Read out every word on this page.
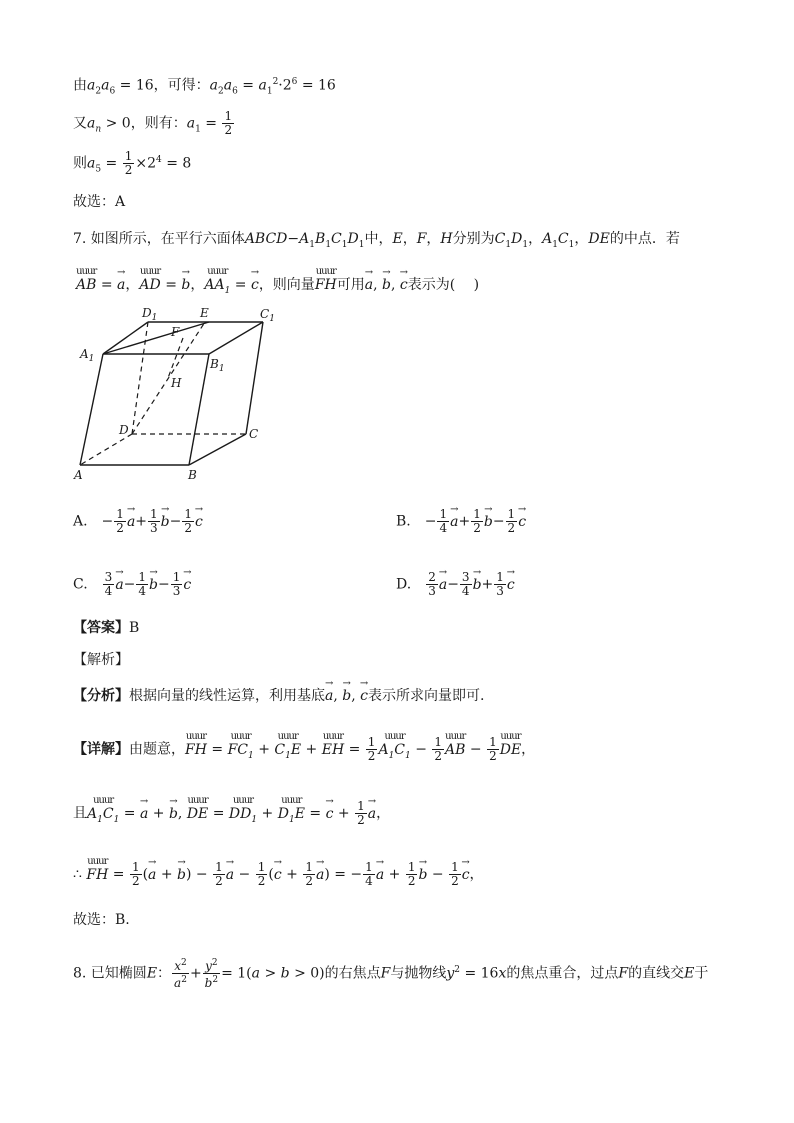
由$a_2a_6 = 16$，可得：$a_2a_6 = a_1^2\cdot 2^6 = 16$
又$a_n > 0$，则有：$a_1 = \frac{1}{2}$
则$a_5 = \frac{1}{2} \times 2^4 = 8$
故选：A
7. 如图所示，在平行六面体$ABCD-A_1B_1C_1D_1$中，E，F，H分别为$C_1D_1$，$A_1C_1$，DE的中点．若
uuur AB = → a，uuur AD = → b，uuur $AA_1$ = → c，则向量uuur FH可用→ a, → b, → c表示为(　 )
$D_1$	E	$C_1$
F
$A_1$	$B_1$
H
D	C
A	B
A.　− $\frac{1}{2}$
→ $a+ \frac{1}{3}$
→ $b- \frac{1}{2}$
→ c	B.　− $\frac{1}{4}$
→ $a+ \frac{1}{2}$
→ $b- \frac{1}{2}$
→ c
C.　 $\frac{3}{4}$
→ $a- \frac{1}{4}$
→ $b- \frac{1}{3}$
→ c	D.　 $\frac{2}{3}$
→ $a- \frac{3}{4}$
→ $b+ \frac{1}{3}$
→ c
【答案】B
【解析】
【分析】根据向量的线性运算，利用基底→ a, → b, → c表示所求向量即可.
【详解】由题意，uuur FH = uuur $FC_1$ + uuur $C_1E$ + uuur EH = $\frac{1}{2}$
uuur $A_1C_1 - \frac{1}{2}$
uuur AB − $\frac{1}{2}$
uuur DE，
且uuur $A_1C_1$ = → a + → b, uuur DE = uuur $DD_1$ + uuur $D_1E$ = → $c + \frac{1}{2}$
→ a，
∴ uuur FH = $\frac{1}{2}$ (→ a + → $b) - \frac{1}{2}$
→ $a - \frac{1}{2}$ (→ $c + \frac{1}{2}$
→ a) = − $\frac{1}{4}$
→ $a + \frac{1}{2}$
→ $b - \frac{1}{2}$
→ c，
故选：B.
8. 已知椭圆E： $\frac{x^2}{a^2} + \frac{y^2}{b^2} = 1(a > b > 0)$的右焦点F与抛物线$y^2 = 16x$的焦点重合，过点F的直线交E于
